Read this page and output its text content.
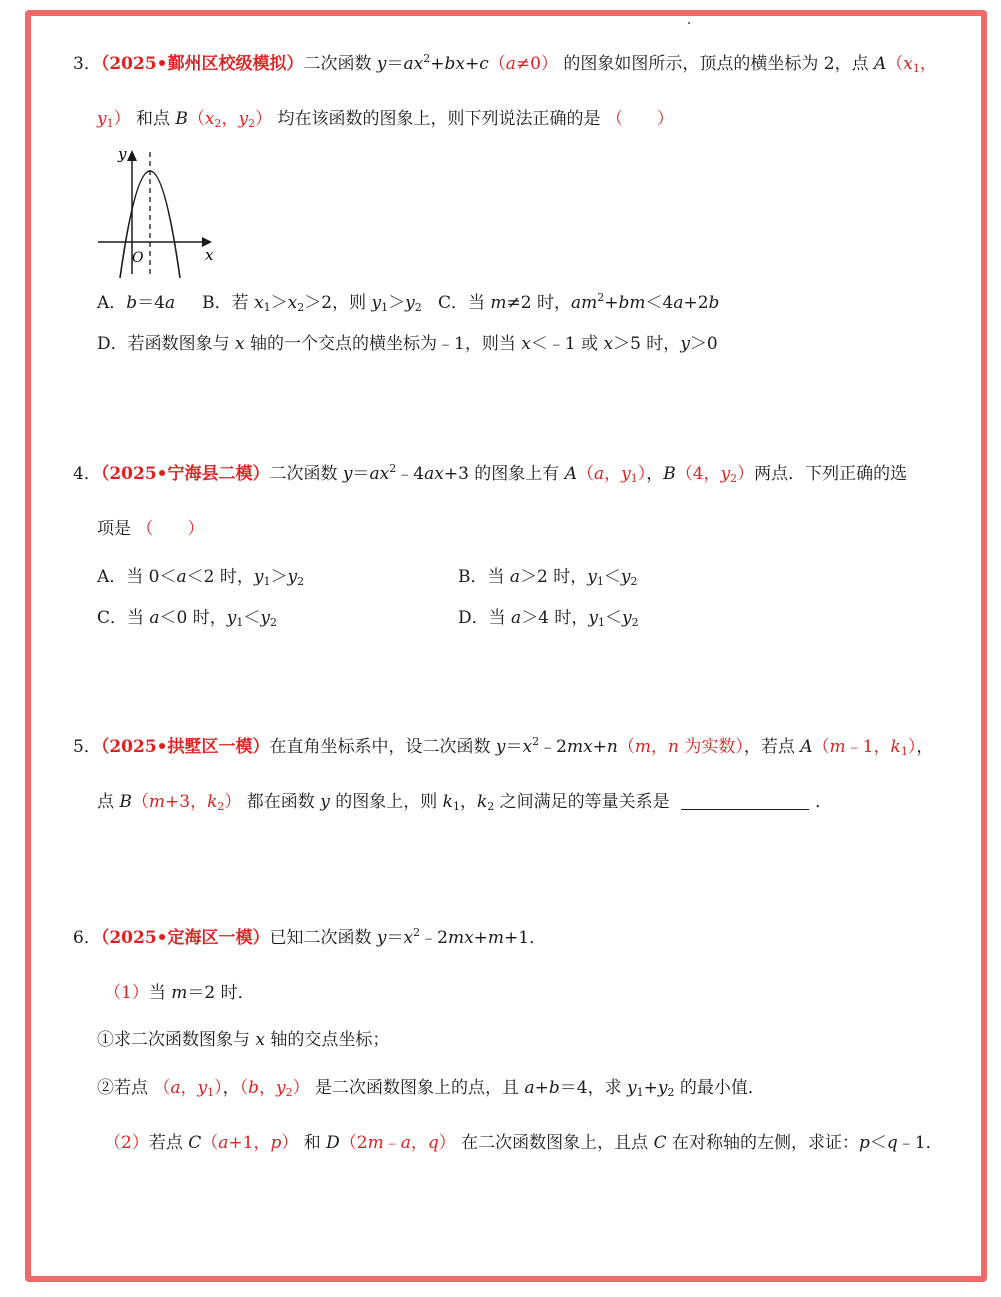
3．（2025•鄞州区校级模拟）二次函数 $y=ax^2+bx+c(a\ne 0)$ 的图象如图所示，顶点的横坐标为 2，点 $A(x_1$，
$y_1$） 和点 $B(x_2$，$y_2$） 均在该函数的图象上，则下列说法正确的是 （　　）
y
x
O
A．b＝4a B．若 $x_1>x_2>2$，则 $y_1>y_2$ C．当 m≠2 时，$am^2+bm<4a+2b$
D．若函数图象与 x 轴的一个交点的横坐标为﹣1，则当 x＜﹣1 或 x＞5 时，y＞0
4．（2025•宁海县二模）二次函数 $y=ax^2﹣4ax+3$ 的图象上有 A（a，$y_1$），B（4，$y_2$）两点．下列正确的选
项是 （　　）
A．当 0＜a＜2 时，$y_1>y_2$	B．当 a＞2 时，$y_1<y_2$
C．当 a＜0 时，$y_1<y_2$	D．当 a＞4 时，$y_1<y_2$
5．（2025•拱墅区一模）在直角坐标系中，设二次函数 $y=x^2﹣2mx+n(m$，n 为实数），若点 A（m﹣1，$k_1$），
点 B（m+3，$k_2$） 都在函数 y 的图象上，则 $k_1$，$k_2$ 之间满足的等量关系是	．
6．（2025•定海区一模）已知二次函数 $y=x^2﹣2mx+m+1$．
（1）当 m＝2 时．
①求二次函数图象与 x 轴的交点坐标；
②若点 （a，$y_1$），（b，$y_2$） 是二次函数图象上的点，且 a+b＝4，求 $y_1+y_2$ 的最小值．
（2）若点 C（a+1，p） 和 D（2m﹣a，q） 在二次函数图象上，且点 C 在对称轴的左侧，求证：p＜q﹣1．
